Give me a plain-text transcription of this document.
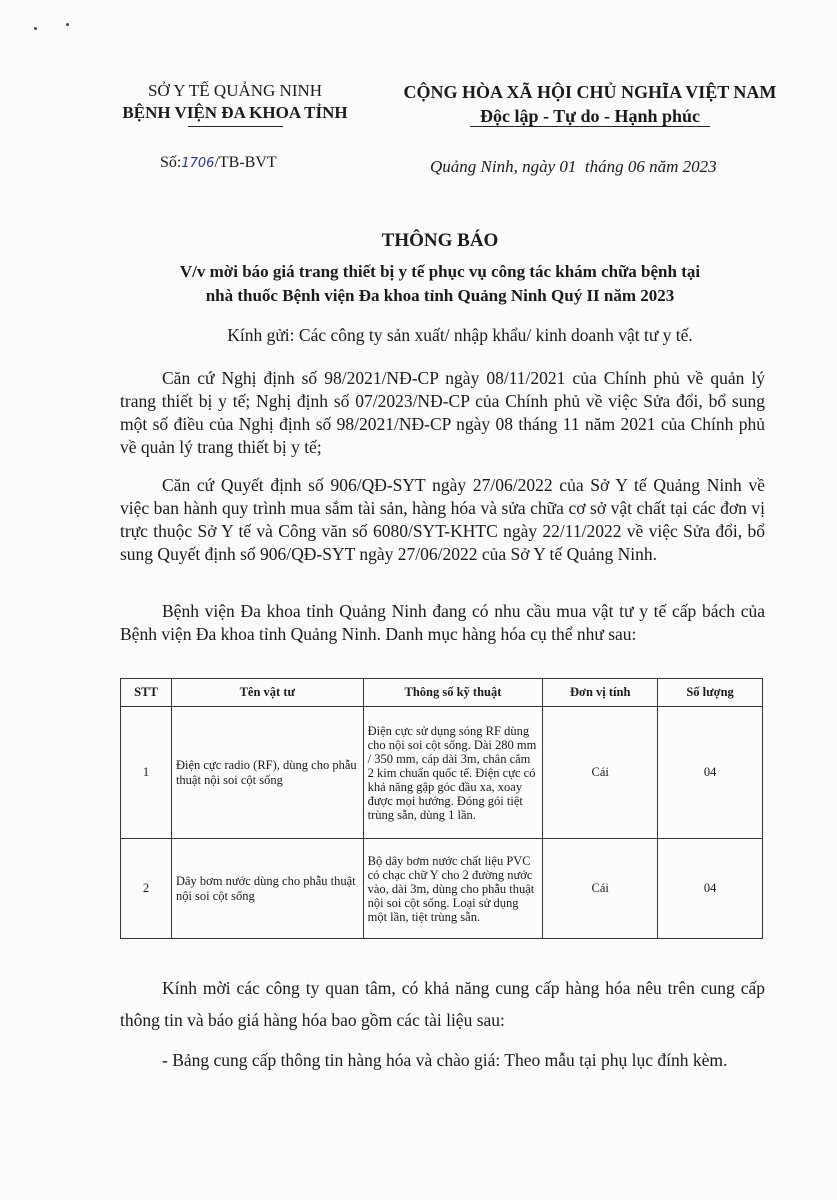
SỞ Y TẾ QUẢNG NINH
BỆNH VIỆN ĐA KHOA TỈNH
Số:1706/TB-BVT
CỘNG HÒA XÃ HỘI CHỦ NGHĨA VIỆT NAM
Độc lập - Tự do - Hạnh phúc
Quảng Ninh, ngày 01  tháng 06 năm 2023
THÔNG BÁO
V/v mời báo giá trang thiết bị y tế phục vụ công tác khám chữa bệnh tại
nhà thuốc Bệnh viện Đa khoa tỉnh Quảng Ninh Quý II năm 2023
Kính gửi: Các công ty sản xuất/ nhập khẩu/ kinh doanh vật tư y tế.
Căn cứ Nghị định số 98/2021/NĐ-CP ngày 08/11/2021 của Chính phủ về quản lý trang thiết bị y tế; Nghị định số 07/2023/NĐ-CP của Chính phủ về việc Sửa đổi, bổ sung một số điều của Nghị định số 98/2021/NĐ-CP ngày 08 tháng 11 năm 2021 của Chính phủ về quản lý trang thiết bị y tế;
Căn cứ Quyết định số 906/QĐ-SYT ngày 27/06/2022 của Sở Y tế Quảng Ninh về việc ban hành quy trình mua sắm tài sản, hàng hóa và sửa chữa cơ sở vật chất tại các đơn vị trực thuộc Sở Y tế và Công văn số 6080/SYT-KHTC ngày 22/11/2022 về việc Sửa đổi, bổ sung Quyết định số 906/QĐ-SYT ngày 27/06/2022 của Sở Y tế Quảng Ninh.
Bệnh viện Đa khoa tỉnh Quảng Ninh đang có nhu cầu mua vật tư y tế cấp bách của Bệnh viện Đa khoa tỉnh Quảng Ninh. Danh mục hàng hóa cụ thể như sau:
STT	Tên vật tư	Thông số kỹ thuật	Đơn vị tính	Số lượng
1	Điện cực radio (RF), dùng cho phẫu thuật nội soi cột sống	Điện cực sử dụng sóng RF dùng cho nội soi cột sống. Dài 280 mm / 350 mm, cáp dài 3m, chân cắm 2 kim chuẩn quốc tế. Điện cực có khả năng gập góc đầu xa, xoay được mọi hướng. Đóng gói tiệt trùng sẵn, dùng 1 lần.	Cái	04
2	Dây bơm nước dùng cho phẫu thuật nội soi cột sống	Bộ dây bơm nước chất liệu PVC có chạc chữ Y cho 2 đường nước vào, dài 3m, dùng cho phẫu thuật nội soi cột sống. Loại sử dụng một lần, tiệt trùng sẵn.	Cái	04
Kính mời các công ty quan tâm, có khả năng cung cấp hàng hóa nêu trên cung cấp thông tin và báo giá hàng hóa bao gồm các tài liệu sau:
- Bảng cung cấp thông tin hàng hóa và chào giá: Theo mẫu tại phụ lục đính kèm.
